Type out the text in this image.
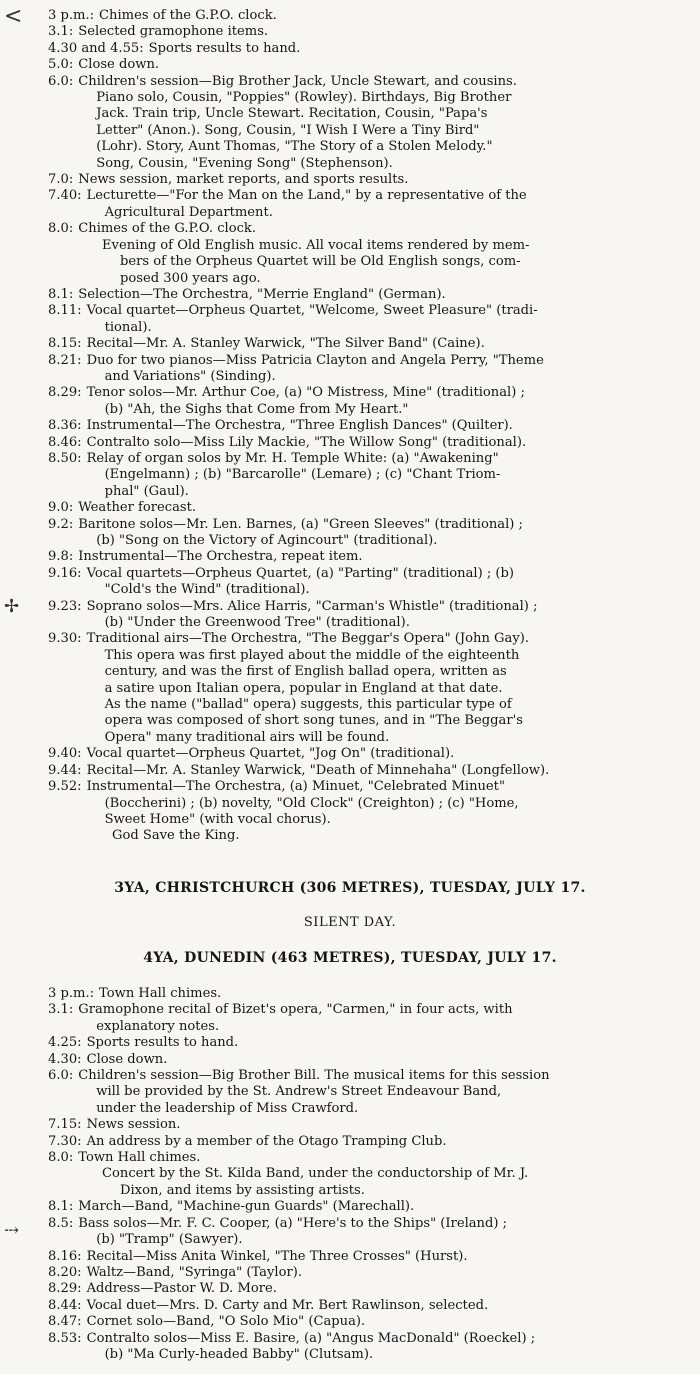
<
✢
⤏
3 p.m.: Chimes of the G.P.O. clock.
3.1: Selected gramophone items.
4.30 and 4.55: Sports results to hand.
5.0: Close down.
6.0: Children's session—Big Brother Jack, Uncle Stewart, and cousins.
Piano solo, Cousin, "Poppies" (Rowley). Birthdays, Big Brother
Jack. Train trip, Uncle Stewart. Recitation, Cousin, "Papa's
Letter" (Anon.). Song, Cousin, "I Wish I Were a Tiny Bird"
(Lohr). Story, Aunt Thomas, "The Story of a Stolen Melody."
Song, Cousin, "Evening Song" (Stephenson).
7.0: News session, market reports, and sports results.
7.40: Lecturette—"For the Man on the Land," by a representative of the
Agricultural Department.
8.0: Chimes of the G.P.O. clock.
Evening of Old English music. All vocal items rendered by mem-
bers of the Orpheus Quartet will be Old English songs, com-
posed 300 years ago.
8.1: Selection—The Orchestra, "Merrie England" (German).
8.11: Vocal quartet—Orpheus Quartet, "Welcome, Sweet Pleasure" (tradi-
tional).
8.15: Recital—Mr. A. Stanley Warwick, "The Silver Band" (Caine).
8.21: Duo for two pianos—Miss Patricia Clayton and Angela Perry, "Theme
and Variations" (Sinding).
8.29: Tenor solos—Mr. Arthur Coe, (a) "O Mistress, Mine" (traditional) ;
(b) "Ah, the Sighs that Come from My Heart."
8.36: Instrumental—The Orchestra, "Three English Dances" (Quilter).
8.46: Contralto solo—Miss Lily Mackie, "The Willow Song" (traditional).
8.50: Relay of organ solos by Mr. H. Temple White: (a) "Awakening"
(Engelmann) ; (b) "Barcarolle" (Lemare) ; (c) "Chant Triom-
phal" (Gaul).
9.0: Weather forecast.
9.2: Baritone solos—Mr. Len. Barnes, (a) "Green Sleeves" (traditional) ;
(b) "Song on the Victory of Agincourt" (traditional).
9.8: Instrumental—The Orchestra, repeat item.
9.16: Vocal quartets—Orpheus Quartet, (a) "Parting" (traditional) ; (b)
"Cold's the Wind" (traditional).
9.23: Soprano solos—Mrs. Alice Harris, "Carman's Whistle" (traditional) ;
(b) "Under the Greenwood Tree" (traditional).
9.30: Traditional airs—The Orchestra, "The Beggar's Opera" (John Gay).
This opera was first played about the middle of the eighteenth
century, and was the first of English ballad opera, written as
a satire upon Italian opera, popular in England at that date.
As the name ("ballad" opera) suggests, this particular type of
opera was composed of short song tunes, and in "The Beggar's
Opera" many traditional airs will be found.
9.40: Vocal quartet—Orpheus Quartet, "Jog On" (traditional).
9.44: Recital—Mr. A. Stanley Warwick, "Death of Minnehaha" (Longfellow).
9.52: Instrumental—The Orchestra, (a) Minuet, "Celebrated Minuet"
(Boccherini) ; (b) novelty, "Old Clock" (Creighton) ; (c) "Home,
Sweet Home" (with vocal chorus).
God Save the King.
3YA, CHRISTCHURCH (306 METRES), TUESDAY, JULY 17.
SILENT DAY.
4YA, DUNEDIN (463 METRES), TUESDAY, JULY 17.
3 p.m.: Town Hall chimes.
3.1: Gramophone recital of Bizet's opera, "Carmen," in four acts, with
explanatory notes.
4.25: Sports results to hand.
4.30: Close down.
6.0: Children's session—Big Brother Bill. The musical items for this session
will be provided by the St. Andrew's Street Endeavour Band,
under the leadership of Miss Crawford.
7.15: News session.
7.30: An address by a member of the Otago Tramping Club.
8.0: Town Hall chimes.
Concert by the St. Kilda Band, under the conductorship of Mr. J.
Dixon, and items by assisting artists.
8.1: March—Band, "Machine-gun Guards" (Marechall).
8.5: Bass solos—Mr. F. C. Cooper, (a) "Here's to the Ships" (Ireland) ;
(b) "Tramp" (Sawyer).
8.16: Recital—Miss Anita Winkel, "The Three Crosses" (Hurst).
8.20: Waltz—Band, "Syringa" (Taylor).
8.29: Address—Pastor W. D. More.
8.44: Vocal duet—Mrs. D. Carty and Mr. Bert Rawlinson, selected.
8.47: Cornet solo—Band, "O Solo Mio" (Capua).
8.53: Contralto solos—Miss E. Basire, (a) "Angus MacDonald" (Roeckel) ;
(b) "Ma Curly-headed Babby" (Clutsam).
